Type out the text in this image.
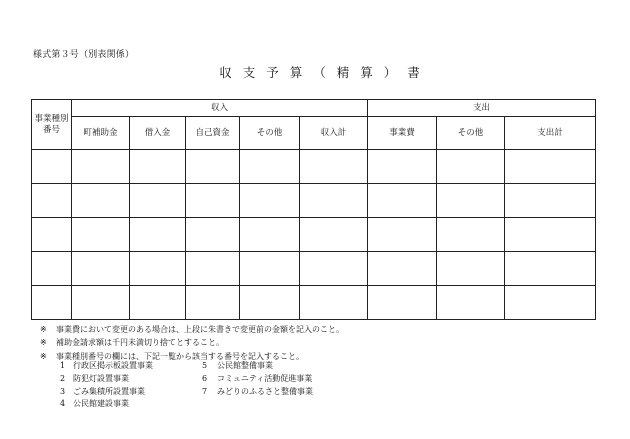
様式第３号（別表関係）
収支予算（精算）書
事業種別
番号	収入					支出		
	町補助金	借入金	自己資金	その他	収入計	事業費	その他	支出計

※ 事業費において変更のある場合は、上段に朱書きで変更前の金額を記入のこと。
※ 補助金請求額は千円未満切り捨てとすること。
※ 事業種別番号の欄には、下記一覧から該当する番号を記入すること。
1 行政区掲示板設置事業	5 公民館整備事業
2 防犯灯設置事業	6 コミュニティ活動促進事業
3 ごみ集積所設置事業	7 みどりのふるさと整備事業
4 公民館建設事業
